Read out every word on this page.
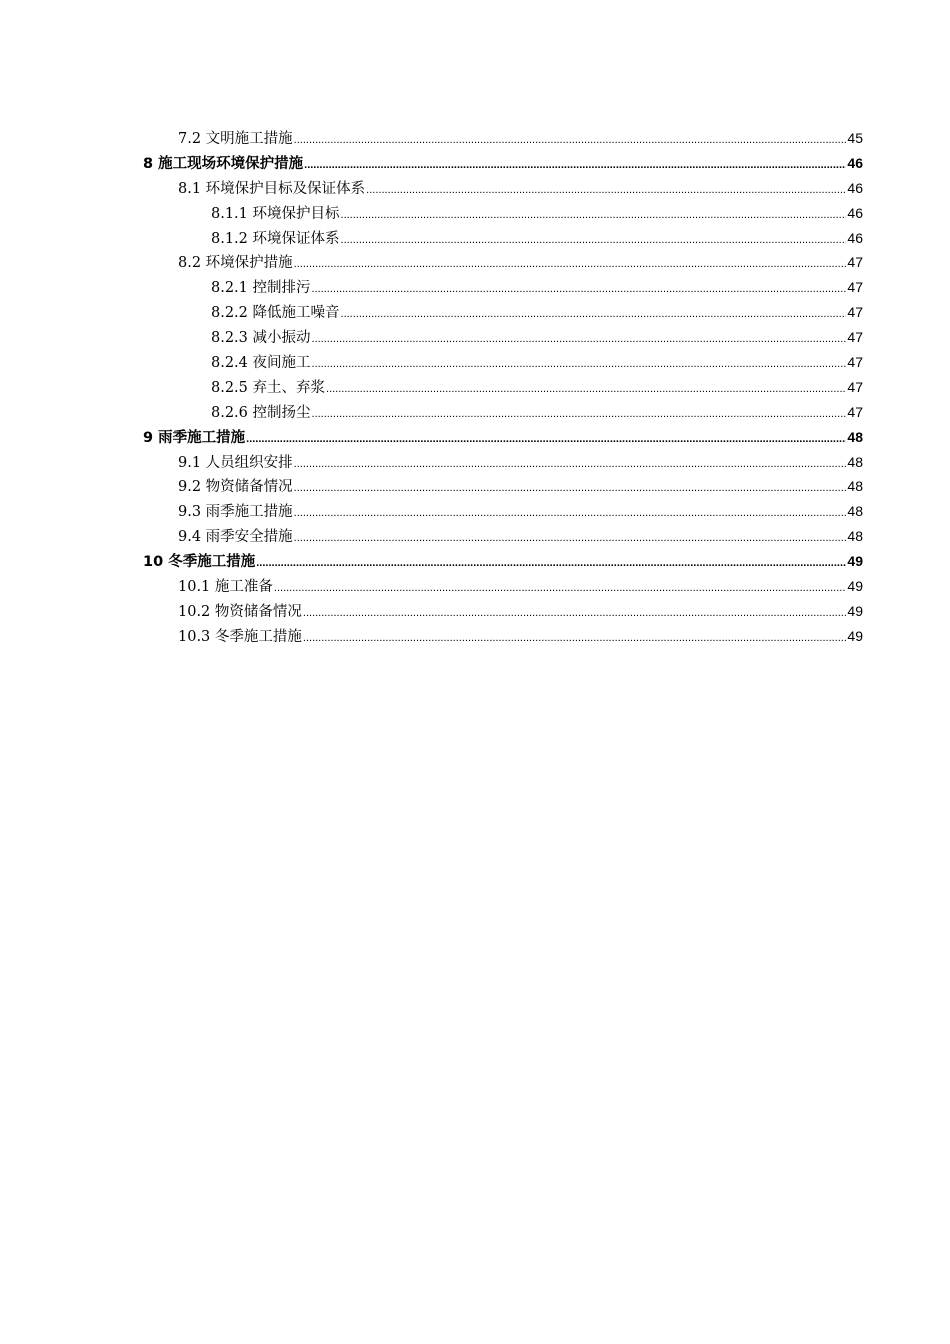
7.2 文明施工措施 .....	45
8 施工现场环境保护措施 .....	46
8.1 环境保护目标及保证体系 .....	46
8.1.1 环境保护目标 .....	46
8.1.2 环境保证体系 .....	46
8.2 环境保护措施 .....	47
8.2.1 控制排污 .....	47
8.2.2 降低施工噪音 .....	47
8.2.3 减小振动 .....	47
8.2.4 夜间施工 .....	47
8.2.5 弃土、弃浆 .....	47
8.2.6 控制扬尘 .....	47
9 雨季施工措施 .....	48
9.1 人员组织安排 .....	48
9.2 物资储备情况 .....	48
9.3 雨季施工措施 .....	48
9.4 雨季安全措施 .....	48
10 冬季施工措施 .....	49
10.1 施工准备 .....	49
10.2 物资储备情况 .....	49
10.3 冬季施工措施 .....	49
